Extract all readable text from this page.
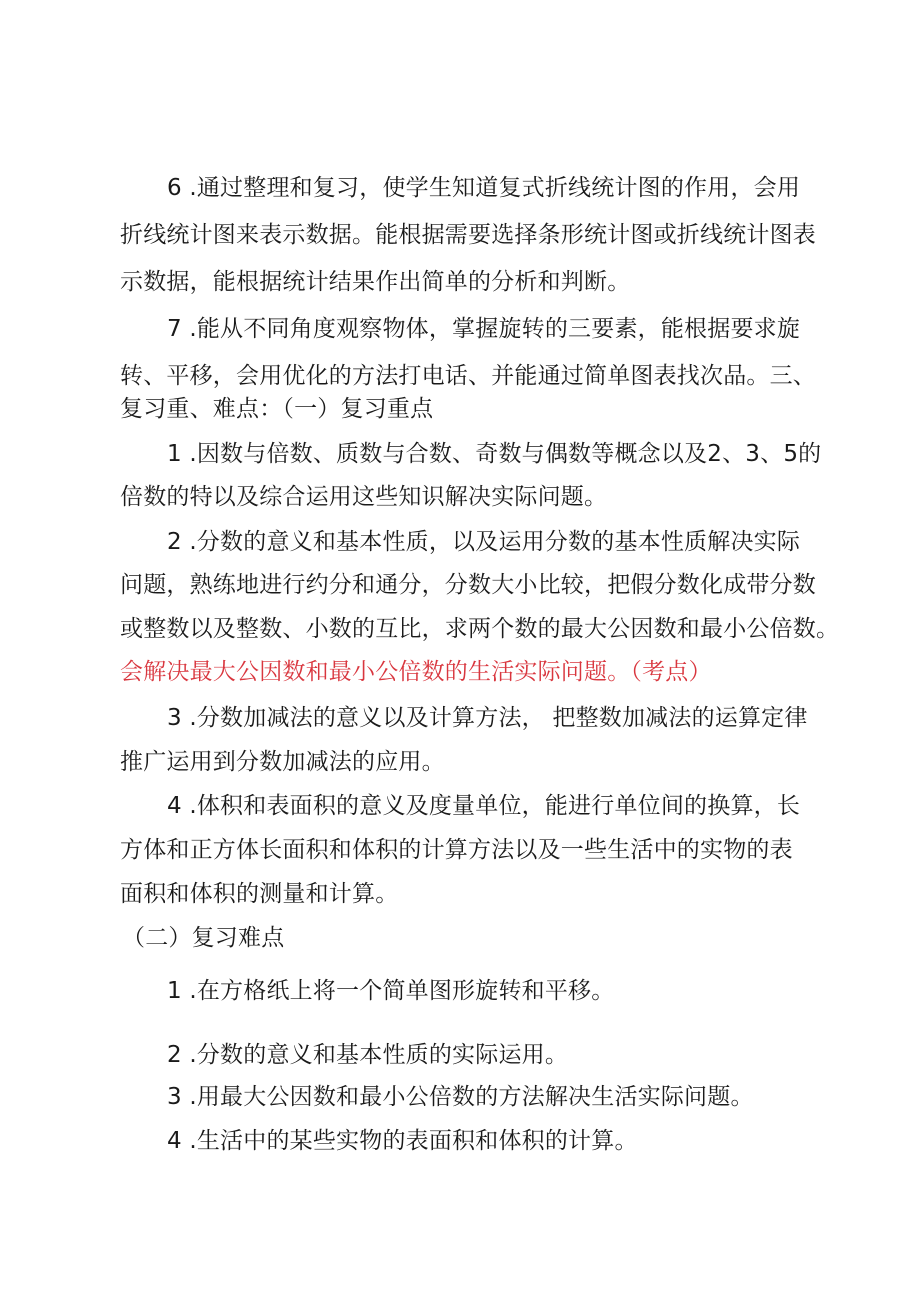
6 .通过整理和复习，使学生知道复式折线统计图的作用，会用
折线统计图来表示数据。能根据需要选择条形统计图或折线统计图表
示数据，能根据统计结果作出简单的分析和判断。
7 .能从不同角度观察物体，掌握旋转的三要素，能根据要求旋
转、平移，会用优化的方法打电话、并能通过简单图表找次品。三、
复习重、难点：（一）复习重点
1 .因数与倍数、质数与合数、奇数与偶数等概念以及2、3、5的
倍数的特以及综合运用这些知识解决实际问题。
2 .分数的意义和基本性质，以及运用分数的基本性质解决实际
问题，熟练地进行约分和通分，分数大小比较，把假分数化成带分数
或整数以及整数、小数的互比，求两个数的最大公因数和最小公倍数。
会解决最大公因数和最小公倍数的生活实际问题。（考点）
3 .分数加减法的意义以及计算方法， 把整数加减法的运算定律
推广运用到分数加减法的应用。
4 .体积和表面积的意义及度量单位，能进行单位间的换算，长
方体和正方体长面积和体积的计算方法以及一些生活中的实物的表
面积和体积的测量和计算。
（二）复习难点
1 .在方格纸上将一个简单图形旋转和平移。
2 .分数的意义和基本性质的实际运用。
3 .用最大公因数和最小公倍数的方法解决生活实际问题。
4 .生活中的某些实物的表面积和体积的计算。
